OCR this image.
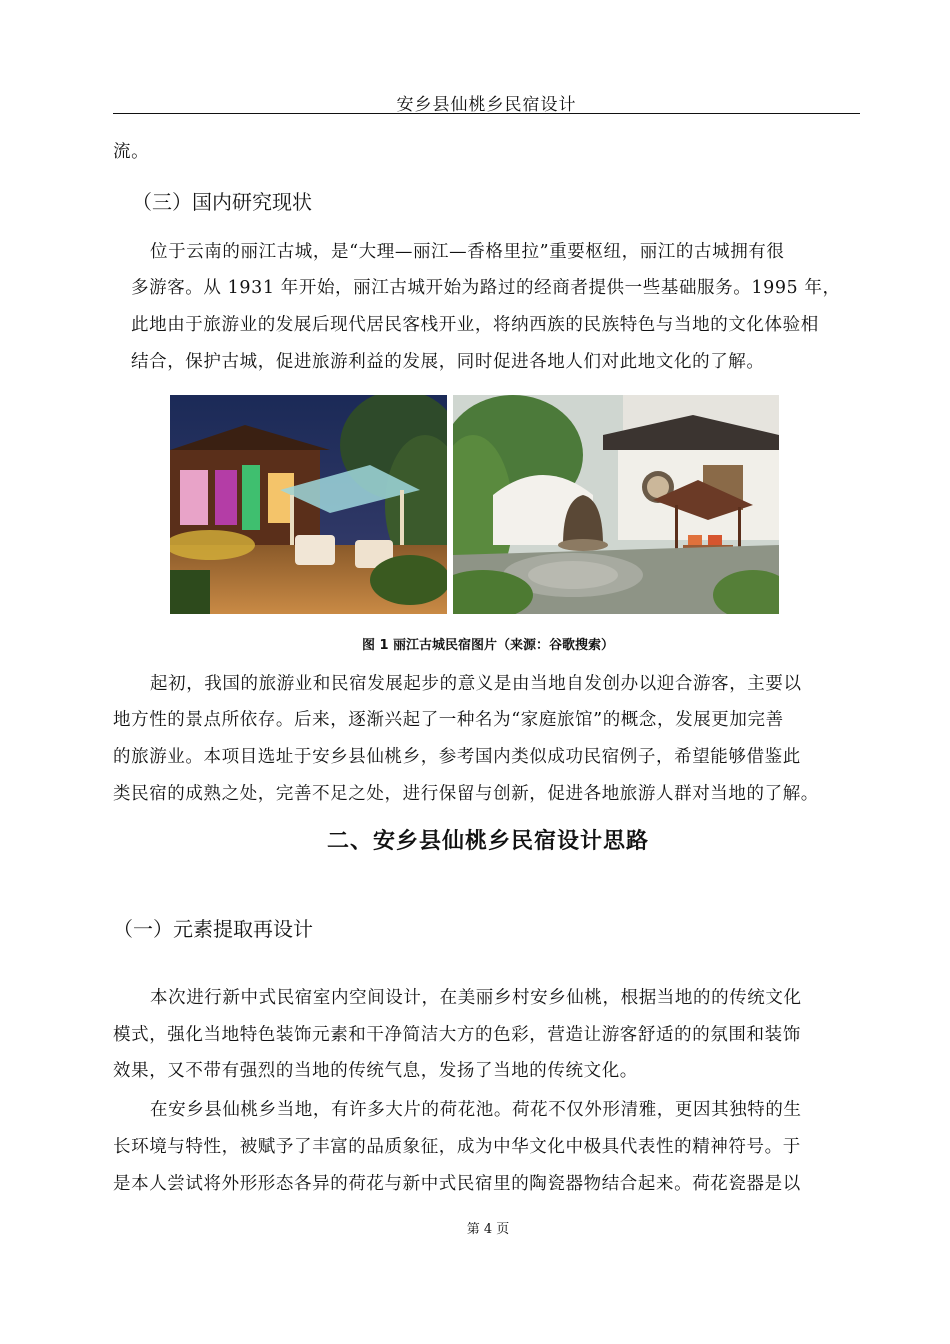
安乡县仙桃乡民宿设计
流。
（三）国内研究现状
位于云南的丽江古城，是“大理—丽江—香格里拉”重要枢纽，丽江的古城拥有很
多游客。从 1931 年开始，丽江古城开始为路过的经商者提供一些基础服务。1995 年，
此地由于旅游业的发展后现代居民客栈开业，将纳西族的民族特色与当地的文化体验相
结合，保护古城，促进旅游利益的发展，同时促进各地人们对此地文化的了解。
图 1 丽江古城民宿图片（来源：谷歌搜索）
起初，我国的旅游业和民宿发展起步的意义是由当地自发创办以迎合游客，主要以
地方性的景点所依存。后来，逐渐兴起了一种名为“家庭旅馆”的概念，发展更加完善
的旅游业。本项目选址于安乡县仙桃乡，参考国内类似成功民宿例子，希望能够借鉴此
类民宿的成熟之处，完善不足之处，进行保留与创新，促进各地旅游人群对当地的了解。
二、安乡县仙桃乡民宿设计思路
（一）元素提取再设计
本次进行新中式民宿室内空间设计，在美丽乡村安乡仙桃，根据当地的的传统文化
模式，强化当地特色装饰元素和干净简洁大方的色彩，营造让游客舒适的的氛围和装饰
效果，又不带有强烈的当地的传统气息，发扬了当地的传统文化。
在安乡县仙桃乡当地，有许多大片的荷花池。荷花不仅外形清雅，更因其独特的生
长环境与特性，被赋予了丰富的品质象征，成为中华文化中极具代表性的精神符号。于
是本人尝试将外形形态各异的荷花与新中式民宿里的陶瓷器物结合起来。荷花瓷器是以
第 4 页
